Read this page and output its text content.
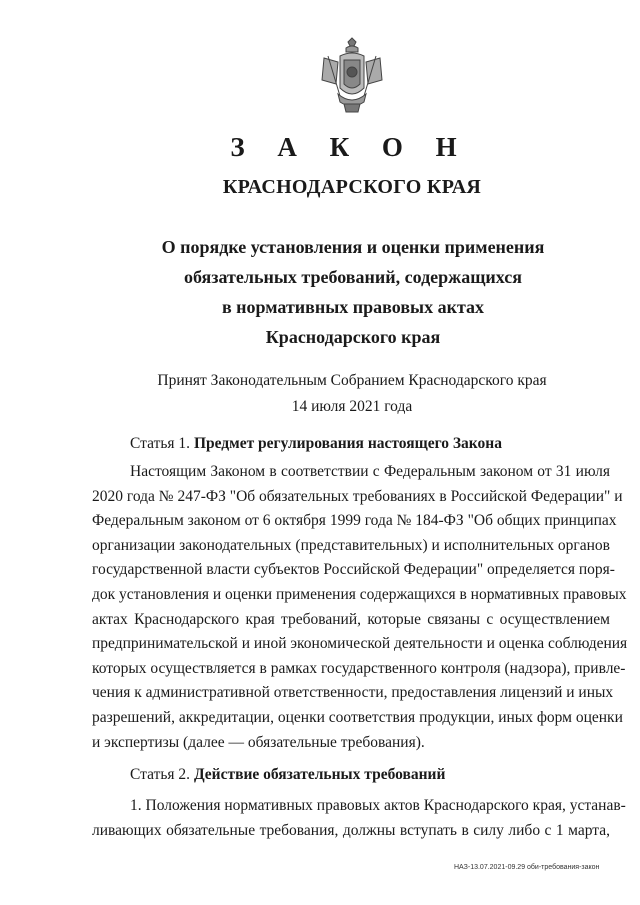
З А К О Н
КРАСНОДАРСКОГО КРАЯ
О порядке установления и оценки применения
обязательных требований, содержащихся
в нормативных правовых актах
Краснодарского края
Принят Законодательным Собранием Краснодарского края
14 июля 2021 года
Статья 1. Предмет регулирования настоящего Закона
Настоящим Законом в соответствии с Федеральным законом от 31 июля
2020 года № 247-ФЗ "Об обязательных требованиях в Российской Федерации" и
Федеральным законом от 6 октября 1999 года № 184-ФЗ "Об общих принципах
организации законодательных (представительных) и исполнительных органов
государственной власти субъектов Российской Федерации" определяется поря-
док установления и оценки применения содержащихся в нормативных правовых
актах Краснодарского края требований, которые связаны с осуществлением
предпринимательской и иной экономической деятельности и оценка соблюдения
которых осуществляется в рамках государственного контроля (надзора), привле-
чения к административной ответственности, предоставления лицензий и иных
разрешений, аккредитации, оценки соответствия продукции, иных форм оценки
и экспертизы (далее — обязательные требования).
Статья 2. Действие обязательных требований
1. Положения нормативных правовых актов Краснодарского края, устанав-
ливающих обязательные требования, должны вступать в силу либо с 1 марта,
НАЗ-13.07.2021-09.29 оби-требования-закон
